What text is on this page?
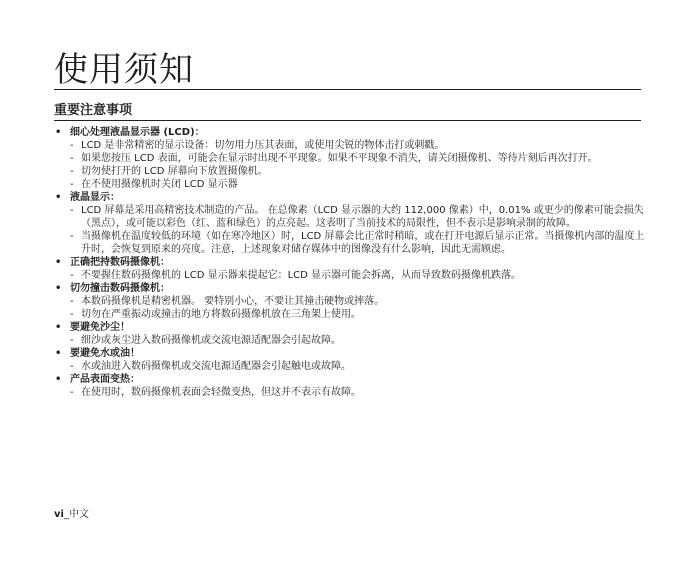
使用须知
重要注意事项
• 细心处理液晶显示器 (LCD)：
- LCD 是非常精密的显示设备：切勿用力压其表面，或使用尖锐的物体击打或刺戳。
- 如果您按压 LCD 表面，可能会在显示时出现不平现象。如果不平现象不消失，请关闭摄像机、等待片刻后再次打开。
- 切勿使打开的 LCD 屏幕向下放置摄像机。
- 在不使用摄像机时关闭 LCD 显示器
• 液晶显示：
- LCD 屏幕是采用高精密技术制造的产品。 在总像素（LCD 显示器的大约 112,000 像素）中，0.01% 或更少的像素可能会损失（黑点），或可能以彩色（红、蓝和绿色）的点亮起。这表明了当前技术的局限性，但不表示是影响录制的故障。
- 当摄像机在温度较低的环境（如在寒冷地区）时，LCD 屏幕会比正常时稍暗，或在打开电源后显示正常。当摄像机内部的温度上升时，会恢复到原来的亮度。注意，上述现象对储存媒体中的图像没有什么影响，因此无需顾虑。
• 正确把持数码摄像机：
- 不要握住数码摄像机的 LCD 显示器来提起它：LCD 显示器可能会拆离，从而导致数码摄像机跌落。
• 切勿撞击数码摄像机：
- 本数码摄像机是精密机器。 要特别小心，不要让其撞击硬物或摔落。
- 切勿在严重振动或撞击的地方将数码摄像机放在三角架上使用。
• 要避免沙尘！
- 细沙或灰尘进入数码摄像机或交流电源适配器会引起故障。
• 要避免水或油！
- 水或油进入数码摄像机或交流电源适配器会引起触电或故障。
• 产品表面变热：
- 在使用时，数码摄像机表面会轻微变热，但这并不表示有故障。
vi_中文
